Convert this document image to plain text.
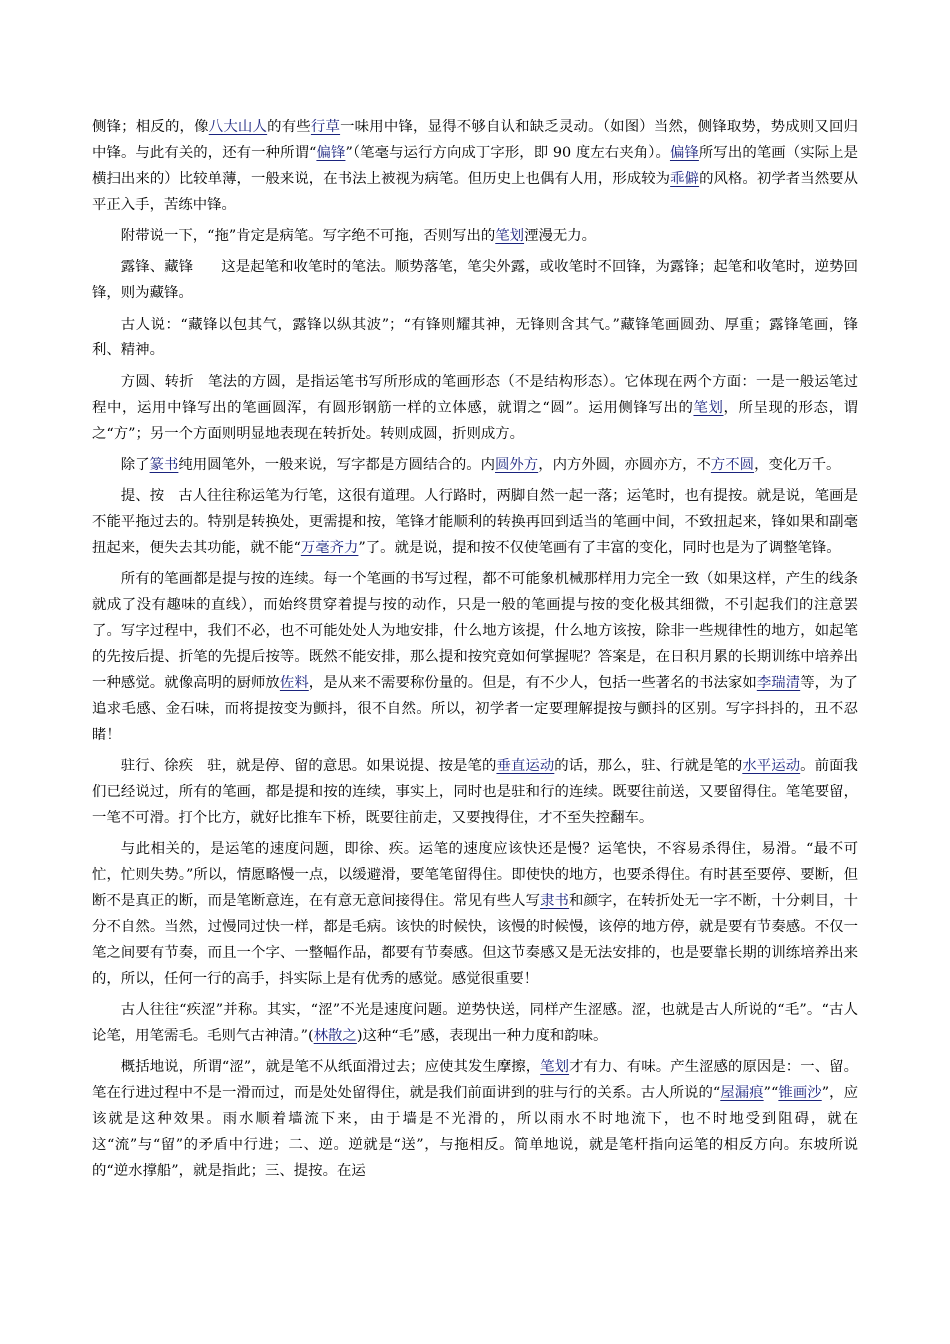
侧锋；相反的，像八大山人的有些行草一味用中锋，显得不够自认和缺乏灵动。（如图）当然，侧锋取势，势成则又回归中锋。与此有关的，还有一种所谓“偏锋”（笔毫与运行方向成丁字形，即 90 度左右夹角）。偏锋所写出的笔画（实际上是横扫出来的）比较单薄，一般来说，在书法上被视为病笔。但历史上也偶有人用，形成较为乖僻的风格。初学者当然要从平正入手，苦练中锋。

附带说一下，“拖”肯定是病笔。写字绝不可拖，否则写出的笔划湮漫无力。

露锋、藏锋 这是起笔和收笔时的笔法。顺势落笔，笔尖外露，或收笔时不回锋，为露锋；起笔和收笔时，逆势回锋，则为藏锋。

古人说：“藏锋以包其气，露锋以纵其波”；“有锋则耀其神，无锋则含其气。”藏锋笔画圆劲、厚重；露锋笔画，锋利、精神。

方圆、转折 笔法的方圆，是指运笔书写所形成的笔画形态（不是结构形态）。它体现在两个方面：一是一般运笔过程中，运用中锋写出的笔画圆浑，有圆形钢筋一样的立体感，就谓之“圆”。运用侧锋写出的笔划，所呈现的形态，谓之“方”；另一个方面则明显地表现在转折处。转则成圆，折则成方。

除了篆书纯用圆笔外，一般来说，写字都是方圆结合的。内圆外方，内方外圆，亦圆亦方，不方不圆，变化万千。

提、按 古人往往称运笔为行笔，这很有道理。人行路时，两脚自然一起一落；运笔时，也有提按。就是说，笔画是不能平拖过去的。特别是转换处，更需提和按，笔锋才能顺利的转换再回到适当的笔画中间，不致扭起来，锋如果和副毫扭起来，便失去其功能，就不能“万毫齐力”了。就是说，提和按不仅使笔画有了丰富的变化，同时也是为了调整笔锋。

所有的笔画都是提与按的连续。每一个笔画的书写过程，都不可能象机械那样用力完全一致（如果这样，产生的线条就成了没有趣味的直线），而始终贯穿着提与按的动作，只是一般的笔画提与按的变化极其细微，不引起我们的注意罢了。写字过程中，我们不必，也不可能处处人为地安排，什么地方该提，什么地方该按，除非一些规律性的地方，如起笔的先按后提、折笔的先提后按等。既然不能安排，那么提和按究竟如何掌握呢？答案是，在日积月累的长期训练中培养出一种感觉。就像高明的厨师放佐料，是从来不需要称份量的。但是，有不少人，包括一些著名的书法家如李瑞清等，为了追求毛感、金石味，而将提按变为颤抖，很不自然。所以，初学者一定要理解提按与颤抖的区别。写字抖抖的，丑不忍睹！

驻行、徐疾 驻，就是停、留的意思。如果说提、按是笔的垂直运动的话，那么，驻、行就是笔的水平运动。前面我们已经说过，所有的笔画，都是提和按的连续，事实上，同时也是驻和行的连续。既要往前送，又要留得住。笔笔要留，一笔不可滑。打个比方，就好比推车下桥，既要往前走，又要拽得住，才不至失控翻车。

与此相关的，是运笔的速度问题，即徐、疾。运笔的速度应该快还是慢？运笔快，不容易杀得住，易滑。“最不可忙，忙则失势。”所以，情愿略慢一点，以缓避滑，要笔笔留得住。即使快的地方，也要杀得住。有时甚至要停、要断，但断不是真正的断，而是笔断意连，在有意无意间接得住。常见有些人写隶书和颜字，在转折处无一字不断，十分刺目，十分不自然。当然，过慢同过快一样，都是毛病。该快的时候快，该慢的时候慢，该停的地方停，就是要有节奏感。不仅一笔之间要有节奏，而且一个字、一整幅作品，都要有节奏感。但这节奏感又是无法安排的，也是要靠长期的训练培养出来的，所以，任何一行的高手，抖实际上是有优秀的感觉。感觉很重要！

古人往往“疾涩”并称。其实，“涩”不光是速度问题。逆势快送，同样产生涩感。涩，也就是古人所说的“毛”。“古人论笔，用笔需毛。毛则气古神清。”(林散之)这种“毛”感，表现出一种力度和韵味。

概括地说，所谓“涩”，就是笔不从纸面滑过去；应使其发生摩擦，笔划才有力、有味。产生涩感的原因是：一、留。笔在行进过程中不是一滑而过，而是处处留得住，就是我们前面讲到的驻与行的关系。古人所说的“屋漏痕”“锥画沙”，应该就是这种效果。雨水顺着墙流下来，由于墙是不光滑的，所以雨水不时地流下，也不时地受到阻碍，就在这“流”与“留”的矛盾中行进；二、逆。逆就是“送”，与拖相反。简单地说，就是笔杆指向运笔的相反方向。东坡所说的“逆水撑船”，就是指此；三、提按。在运
